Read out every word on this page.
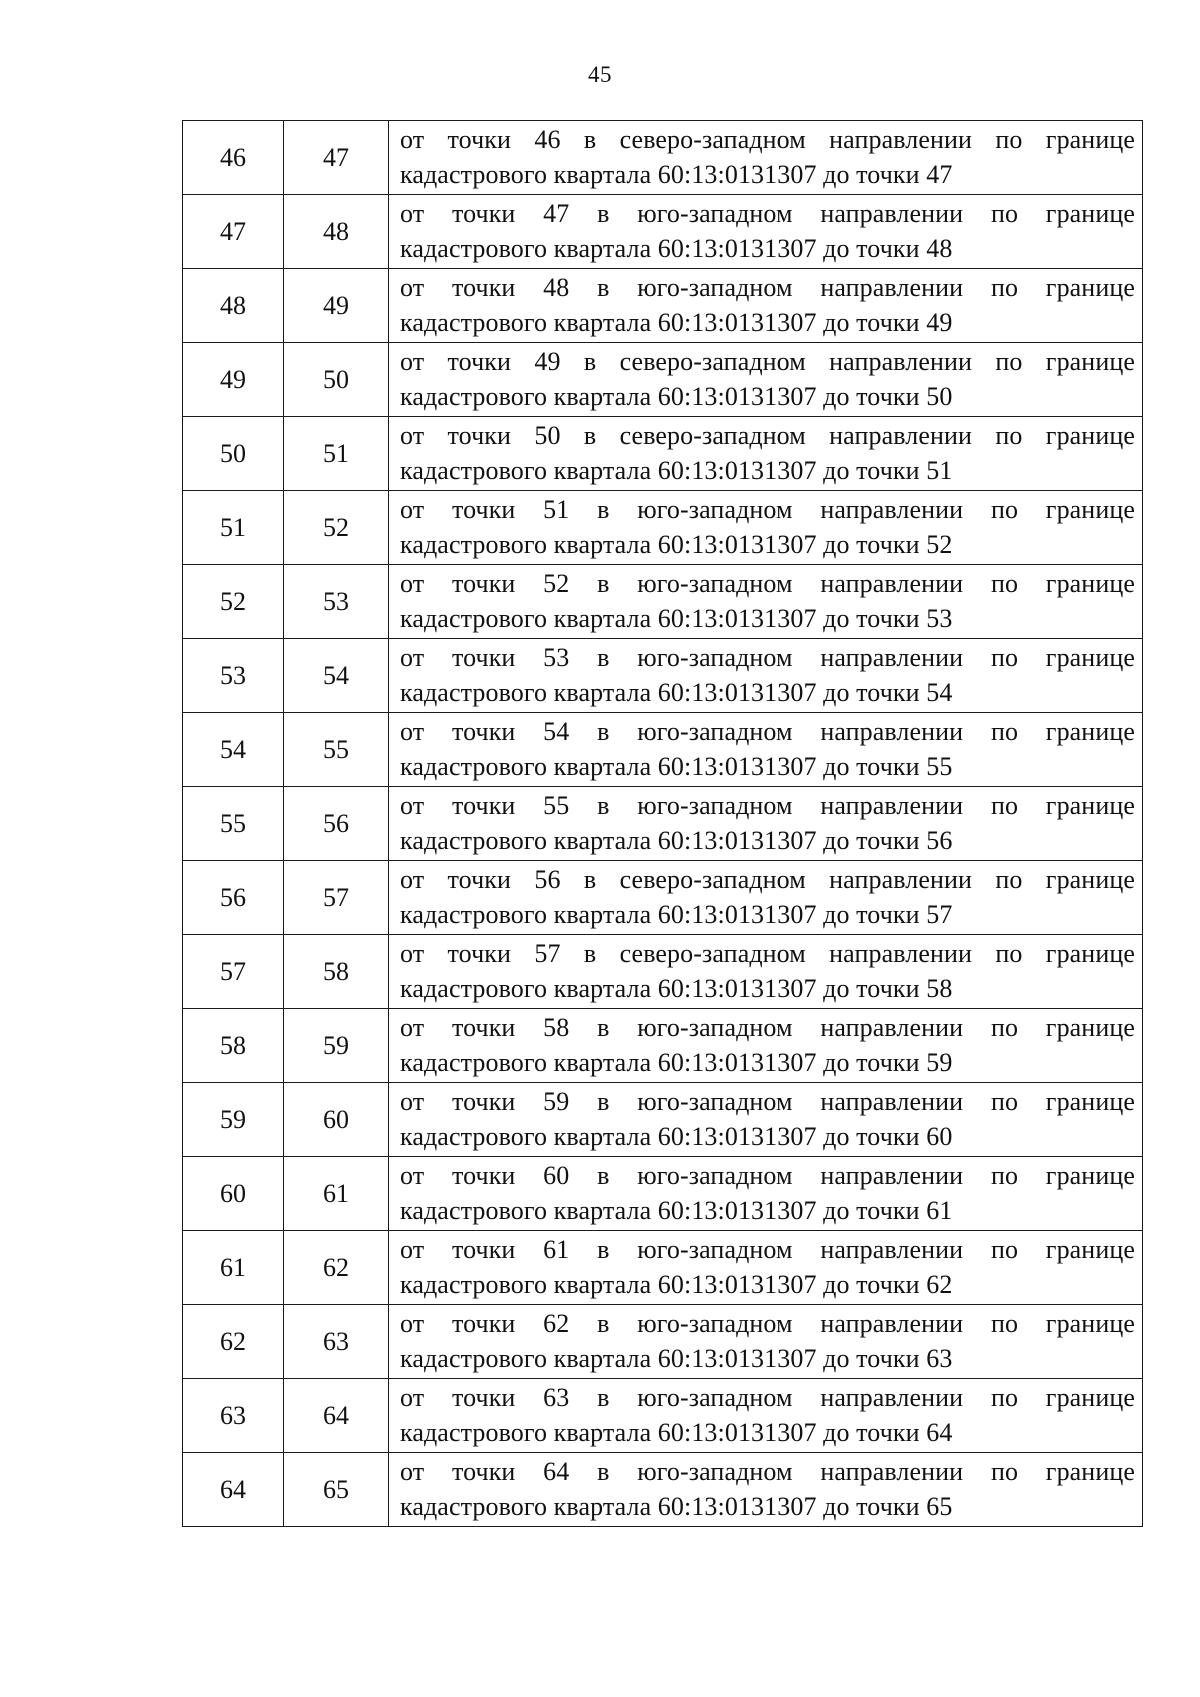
45
46	47	от точки 46 в северо-западном направлении по границе кадастрового квартала 60:13:0131307 до точки 47
47	48	от точки 47 в юго-западном направлении по границе кадастрового квартала 60:13:0131307 до точки 48
48	49	от точки 48 в юго-западном направлении по границе кадастрового квартала 60:13:0131307 до точки 49
49	50	от точки 49 в северо-западном направлении по границе кадастрового квартала 60:13:0131307 до точки 50
50	51	от точки 50 в северо-западном направлении по границе кадастрового квартала 60:13:0131307 до точки 51
51	52	от точки 51 в юго-западном направлении по границе кадастрового квартала 60:13:0131307 до точки 52
52	53	от точки 52 в юго-западном направлении по границе кадастрового квартала 60:13:0131307 до точки 53
53	54	от точки 53 в юго-западном направлении по границе кадастрового квартала 60:13:0131307 до точки 54
54	55	от точки 54 в юго-западном направлении по границе кадастрового квартала 60:13:0131307 до точки 55
55	56	от точки 55 в юго-западном направлении по границе кадастрового квартала 60:13:0131307 до точки 56
56	57	от точки 56 в северо-западном направлении по границе кадастрового квартала 60:13:0131307 до точки 57
57	58	от точки 57 в северо-западном направлении по границе кадастрового квартала 60:13:0131307 до точки 58
58	59	от точки 58 в юго-западном направлении по границе кадастрового квартала 60:13:0131307 до точки 59
59	60	от точки 59 в юго-западном направлении по границе кадастрового квартала 60:13:0131307 до точки 60
60	61	от точки 60 в юго-западном направлении по границе кадастрового квартала 60:13:0131307 до точки 61
61	62	от точки 61 в юго-западном направлении по границе кадастрового квартала 60:13:0131307 до точки 62
62	63	от точки 62 в юго-западном направлении по границе кадастрового квартала 60:13:0131307 до точки 63
63	64	от точки 63 в юго-западном направлении по границе кадастрового квартала 60:13:0131307 до точки 64
64	65	от точки 64 в юго-западном направлении по границе кадастрового квартала 60:13:0131307 до точки 65
